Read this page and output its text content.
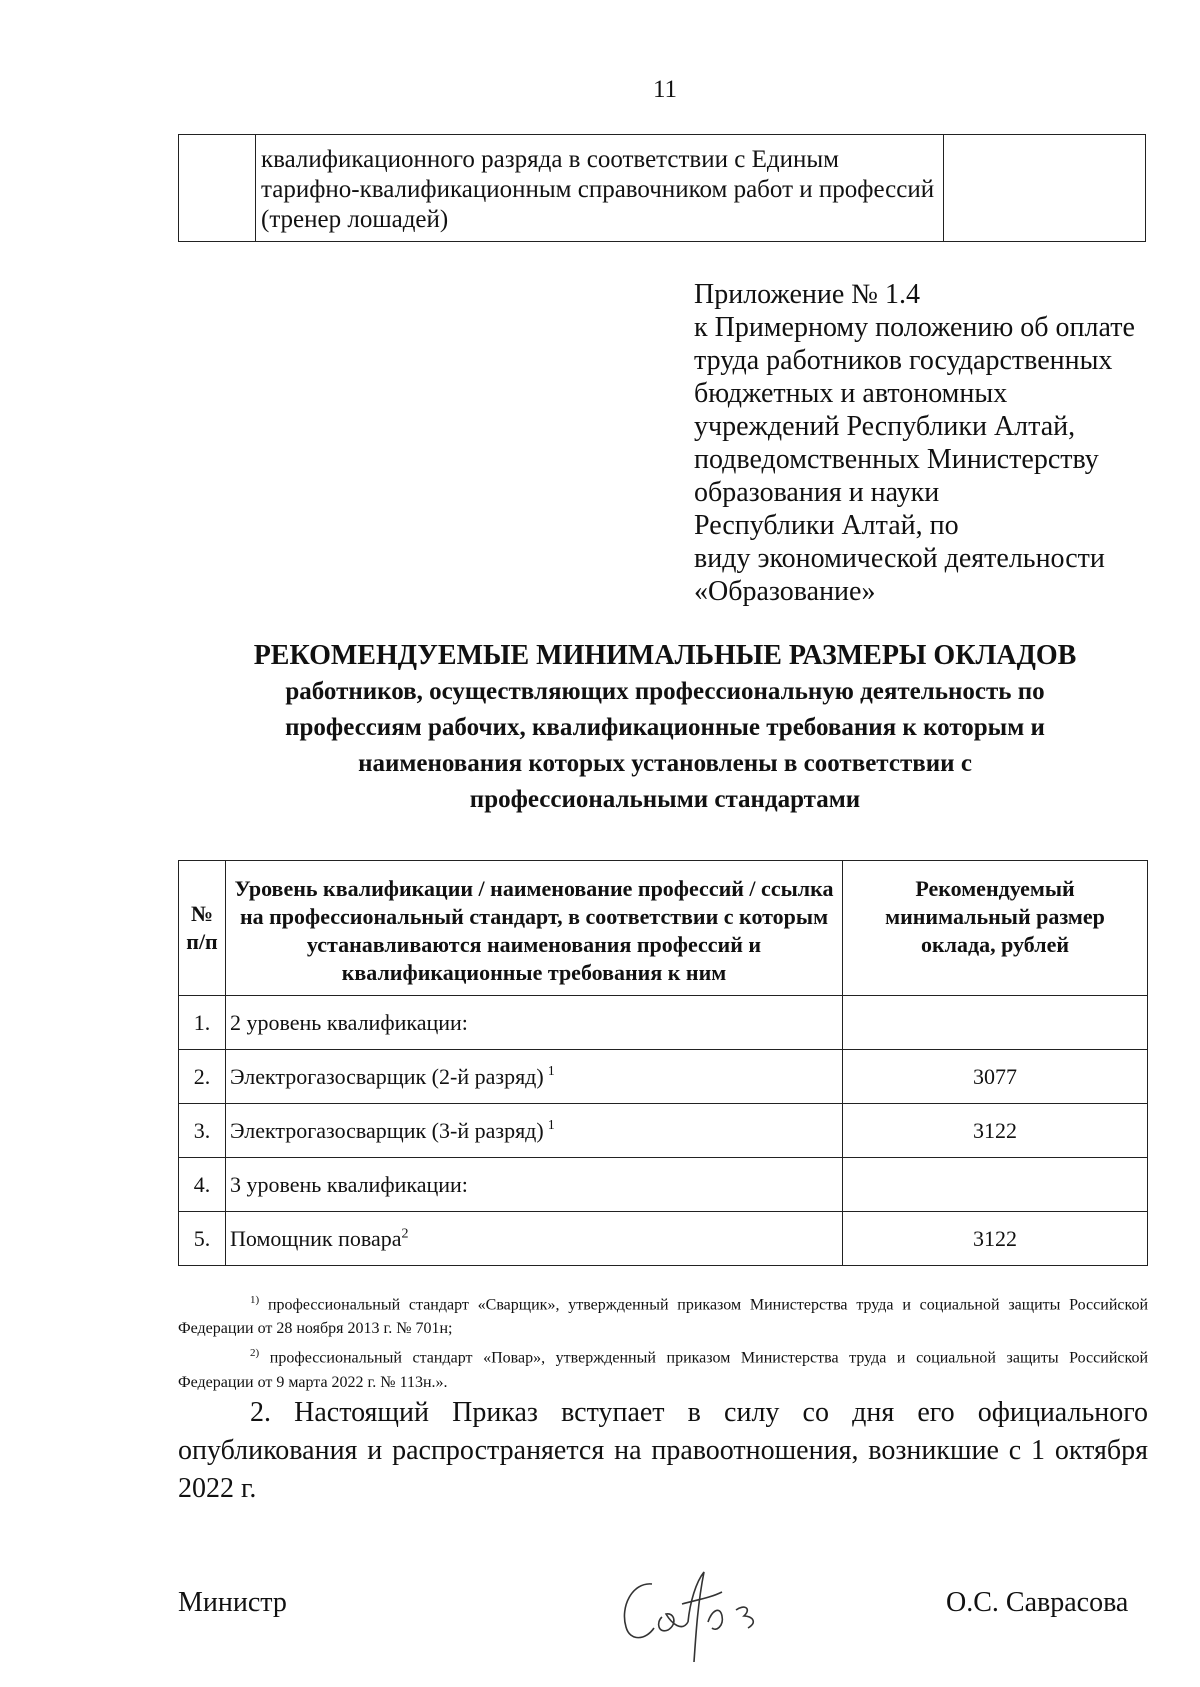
11
	квалификационного разряда в соответствии с Единым тарифно-квалификационным справочником работ и профессий (тренер лошадей)	
Приложение № 1.4
к Примерному положению об оплате
труда работников государственных
бюджетных и автономных
учреждений Республики Алтай,
подведомственных Министерству
образования и науки
Республики Алтай, по
виду экономической деятельности
«Образование»
РЕКОМЕНДУЕМЫЕ МИНИМАЛЬНЫЕ РАЗМЕРЫ ОКЛАДОВ
работников, осуществляющих профессиональную деятельность по
профессиям рабочих, квалификационные требования к которым и
наименования которых установлены в соответствии с
профессиональными стандартами
№ п/п	Уровень квалификации / наименование профессий / ссылка на профессиональный стандарт, в соответствии с которым устанавливаются наименования профессий и квалификационные требования к ним	Рекомендуемый минимальный размер оклада, рублей
1.	2 уровень квалификации:	
2.	Электрогазосварщик (2-й разряд) $^1$	3077
3.	Электрогазосварщик (3-й разряд) $^1$	3122
4.	3 уровень квалификации:	
5.	Помощник повара$^2$	3122

$^{1)}$ профессиональный стандарт «Сварщик», утвержденный приказом Министерства труда и социальной защиты Российской Федерации от 28 ноября 2013 г. № 701н;

$^{2)}$ профессиональный стандарт «Повар», утвержденный приказом Министерства труда и социальной защиты Российской Федерации от 9 марта 2022 г. № 113н.».

2. Настоящий Приказ вступает в силу со дня его официального опубликования и распространяется на правоотношения, возникшие с 1 октября 2022 г.

Министр	О.С. Саврасова
